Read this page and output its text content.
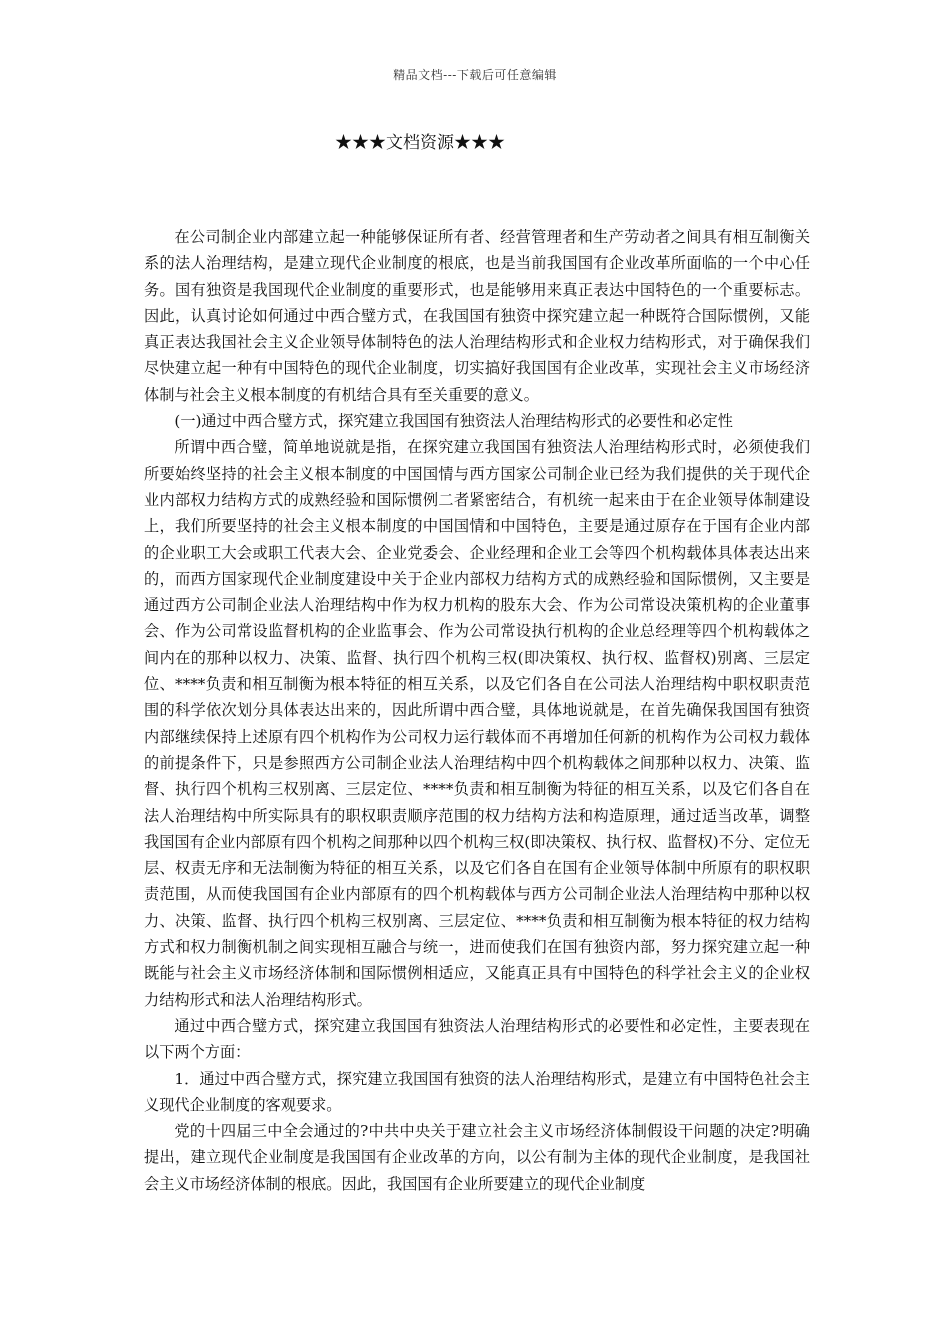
精品文档---下载后可任意编辑
★★★文档资源★★★

在公司制企业内部建立起一种能够保证所有者、经营管理者和生产劳动者之间具有相互制衡关系的法人治理结构，是建立现代企业制度的根底，也是当前我国国有企业改革所面临的一个中心任务。国有独资是我国现代企业制度的重要形式，也是能够用来真正表达中国特色的一个重要标志。因此，认真讨论如何通过中西合璧方式，在我国国有独资中探究建立起一种既符合国际惯例，又能真正表达我国社会主义企业领导体制特色的法人治理结构形式和企业权力结构形式，对于确保我们尽快建立起一种有中国特色的现代企业制度，切实搞好我国国有企业改革，实现社会主义市场经济体制与社会主义根本制度的有机结合具有至关重要的意义。

(一)通过中西合璧方式，探究建立我国国有独资法人治理结构形式的必要性和必定性

所谓中西合璧，简单地说就是指，在探究建立我国国有独资法人治理结构形式时，必须使我们所要始终坚持的社会主义根本制度的中国国情与西方国家公司制企业已经为我们提供的关于现代企业内部权力结构方式的成熟经验和国际惯例二者紧密结合，有机统一起来由于在企业领导体制建设上，我们所要坚持的社会主义根本制度的中国国情和中国特色，主要是通过原存在于国有企业内部的企业职工大会或职工代表大会、企业党委会、企业经理和企业工会等四个机构载体具体表达出来的，而西方国家现代企业制度建设中关于企业内部权力结构方式的成熟经验和国际惯例，又主要是通过西方公司制企业法人治理结构中作为权力机构的股东大会、作为公司常设决策机构的企业董事会、作为公司常设监督机构的企业监事会、作为公司常设执行机构的企业总经理等四个机构载体之间内在的那种以权力、决策、监督、执行四个机构三权(即决策权、执行权、监督权)别离、三层定位、****负责和相互制衡为根本特征的相互关系，以及它们各自在公司法人治理结构中职权职责范围的科学依次划分具体表达出来的，因此所谓中西合璧，具体地说就是，在首先确保我国国有独资内部继续保持上述原有四个机构作为公司权力运行载体而不再增加任何新的机构作为公司权力载体的前提条件下，只是参照西方公司制企业法人治理结构中四个机构载体之间那种以权力、决策、监督、执行四个机构三权别离、三层定位、****负责和相互制衡为特征的相互关系，以及它们各自在法人治理结构中所实际具有的职权职责顺序范围的权力结构方法和构造原理，通过适当改革，调整我国国有企业内部原有四个机构之间那种以四个机构三权(即决策权、执行权、监督权)不分、定位无层、权责无序和无法制衡为特征的相互关系，以及它们各自在国有企业领导体制中所原有的职权职责范围，从而使我国国有企业内部原有的四个机构载体与西方公司制企业法人治理结构中那种以权力、决策、监督、执行四个机构三权别离、三层定位、****负责和相互制衡为根本特征的权力结构方式和权力制衡机制之间实现相互融合与统一，进而使我们在国有独资内部，努力探究建立起一种既能与社会主义市场经济体制和国际惯例相适应，又能真正具有中国特色的科学社会主义的企业权力结构形式和法人治理结构形式。

通过中西合璧方式，探究建立我国国有独资法人治理结构形式的必要性和必定性，主要表现在以下两个方面：

1．通过中西合璧方式，探究建立我国国有独资的法人治理结构形式，是建立有中国特色社会主义现代企业制度的客观要求。

党的十四届三中全会通过的?中共中央关于建立社会主义市场经济体制假设干问题的决定?明确提出，建立现代企业制度是我国国有企业改革的方向，以公有制为主体的现代企业制度，是我国社会主义市场经济体制的根底。因此，我国国有企业所要建立的现代企业制度
